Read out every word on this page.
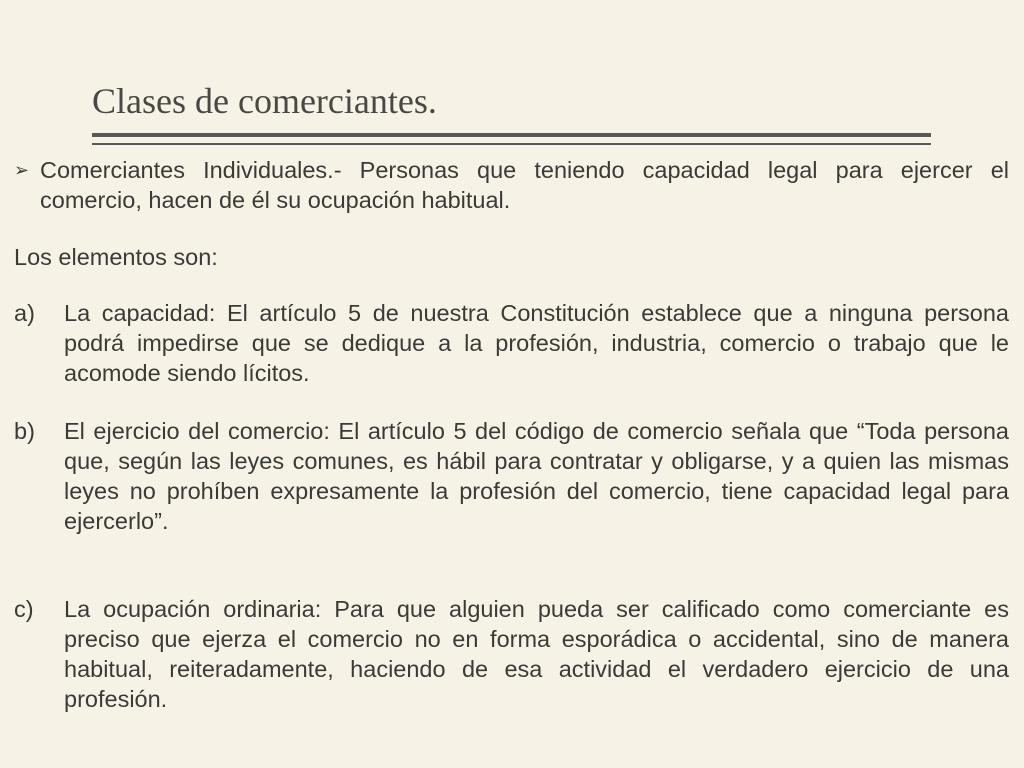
Clases de comerciantes.
➢ Comerciantes Individuales.- Personas que teniendo capacidad legal para ejercer el comercio, hacen de él su ocupación habitual.
Los elementos son:
a)	La capacidad: El artículo 5 de nuestra Constitución establece que a ninguna persona podrá impedirse que se dedique a la profesión, industria, comercio o trabajo que le acomode siendo lícitos.
b)	El ejercicio del comercio: El artículo 5 del código de comercio señala que “Toda persona que, según las leyes comunes, es hábil para contratar y obligarse, y a quien las mismas leyes no prohíben expresamente la profesión del comercio, tiene capacidad legal para ejercerlo”.
c)	La ocupación ordinaria: Para que alguien pueda ser calificado como comerciante es preciso que ejerza el comercio no en forma esporádica o accidental, sino de manera habitual, reiteradamente, haciendo de esa actividad el verdadero ejercicio de una profesión.
